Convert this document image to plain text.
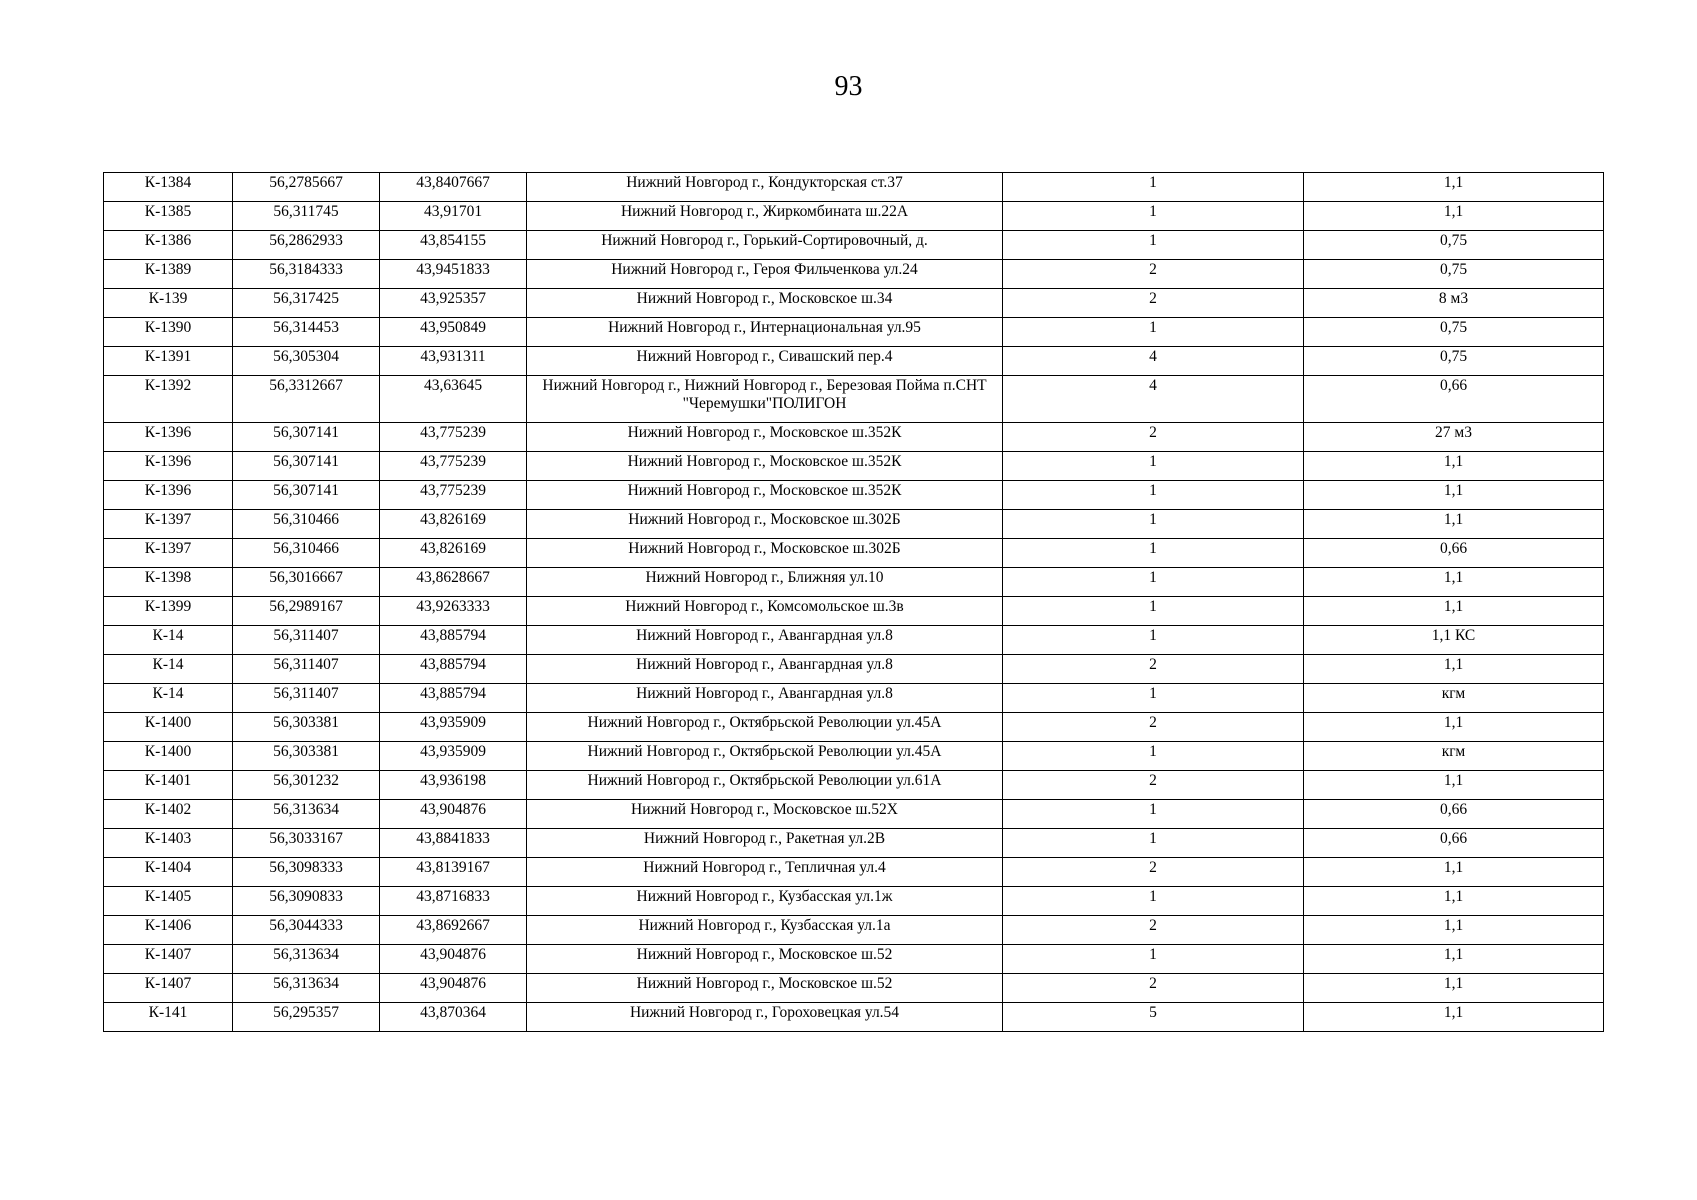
93
К-1384	56,2785667	43,8407667	Нижний Новгород г., Кондукторская ст.37	1	1,1
К-1385	56,311745	43,91701	Нижний Новгород г., Жиркомбината ш.22А	1	1,1
К-1386	56,2862933	43,854155	Нижний Новгород г., Горький-Сортировочный, д.	1	0,75
К-1389	56,3184333	43,9451833	Нижний Новгород г., Героя Фильченкова ул.24	2	0,75
К-139	56,317425	43,925357	Нижний Новгород г., Московское ш.34	2	8 м3
К-1390	56,314453	43,950849	Нижний Новгород г., Интернациональная ул.95	1	0,75
К-1391	56,305304	43,931311	Нижний Новгород г., Сивашский пер.4	4	0,75
К-1392	56,3312667	43,63645	Нижний Новгород г., Нижний Новгород г., Березовая Пойма п.СНТ "Черемушки"ПОЛИГОН	4	0,66
К-1396	56,307141	43,775239	Нижний Новгород г., Московское ш.352К	2	27 м3
К-1396	56,307141	43,775239	Нижний Новгород г., Московское ш.352К	1	1,1
К-1396	56,307141	43,775239	Нижний Новгород г., Московское ш.352К	1	1,1
К-1397	56,310466	43,826169	Нижний Новгород г., Московское ш.302Б	1	1,1
К-1397	56,310466	43,826169	Нижний Новгород г., Московское ш.302Б	1	0,66
К-1398	56,3016667	43,8628667	Нижний Новгород г., Ближняя ул.10	1	1,1
К-1399	56,2989167	43,9263333	Нижний Новгород г., Комсомольское ш.3в	1	1,1
К-14	56,311407	43,885794	Нижний Новгород г., Авангардная ул.8	1	1,1 КС
К-14	56,311407	43,885794	Нижний Новгород г., Авангардная ул.8	2	1,1
К-14	56,311407	43,885794	Нижний Новгород г., Авангардная ул.8	1	кгм
К-1400	56,303381	43,935909	Нижний Новгород г., Октябрьской Революции ул.45А	2	1,1
К-1400	56,303381	43,935909	Нижний Новгород г., Октябрьской Революции ул.45А	1	кгм
К-1401	56,301232	43,936198	Нижний Новгород г., Октябрьской Революции ул.61А	2	1,1
К-1402	56,313634	43,904876	Нижний Новгород г., Московское ш.52Х	1	0,66
К-1403	56,3033167	43,8841833	Нижний Новгород г., Ракетная ул.2В	1	0,66
К-1404	56,3098333	43,8139167	Нижний Новгород г., Тепличная ул.4	2	1,1
К-1405	56,3090833	43,8716833	Нижний Новгород г., Кузбасская ул.1ж	1	1,1
К-1406	56,3044333	43,8692667	Нижний Новгород г., Кузбасская ул.1а	2	1,1
К-1407	56,313634	43,904876	Нижний Новгород г., Московское ш.52	1	1,1
К-1407	56,313634	43,904876	Нижний Новгород г., Московское ш.52	2	1,1
К-141	56,295357	43,870364	Нижний Новгород г., Гороховецкая ул.54	5	1,1
